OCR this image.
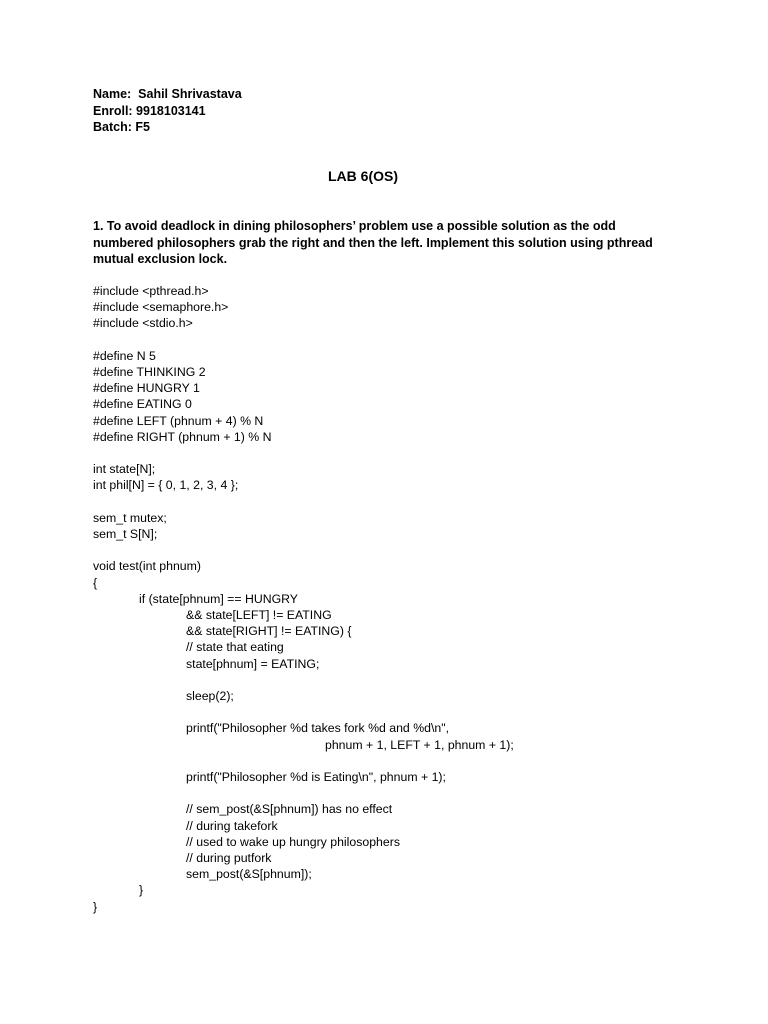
Name:  Sahil Shrivastava
Enroll: 9918103141
Batch: F5
LAB 6(OS)
1. To avoid deadlock in dining philosophers’ problem use a possible solution as the odd numbered philosophers grab the right and then the left. Implement this solution using pthread mutual exclusion lock.
#include <pthread.h>
#include <semaphore.h>
#include <stdio.h>
#define N 5
#define THINKING 2
#define HUNGRY 1
#define EATING 0
#define LEFT (phnum + 4) % N
#define RIGHT (phnum + 1) % N
int state[N];
int phil[N] = { 0, 1, 2, 3, 4 };
sem_t mutex;
sem_t S[N];
void test(int phnum)
{
if (state[phnum] == HUNGRY
&& state[LEFT] != EATING
&& state[RIGHT] != EATING) {
// state that eating
state[phnum] = EATING;
sleep(2);
printf("Philosopher %d takes fork %d and %d\n",
phnum + 1, LEFT + 1, phnum + 1);
printf("Philosopher %d is Eating\n", phnum + 1);
// sem_post(&S[phnum]) has no effect
// during takefork
// used to wake up hungry philosophers
// during putfork
sem_post(&S[phnum]);
}
}
